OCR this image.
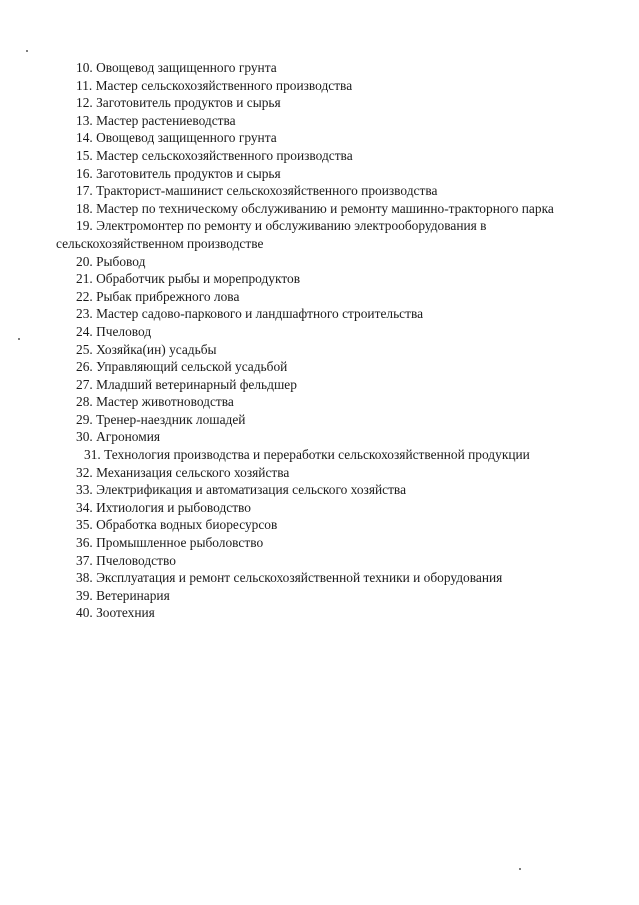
10. Овощевод защищенного грунта

11. Мастер сельскохозяйственного производства

12. Заготовитель продуктов и сырья

13. Мастер растениеводства

14. Овощевод защищенного грунта

15. Мастер сельскохозяйственного производства

16. Заготовитель продуктов и сырья

17. Тракторист-машинист сельскохозяйственного производства

18. Мастер по техническому обслуживанию и ремонту машинно-тракторного парка

19. Электромонтер по ремонту и обслуживанию электрооборудования в сельскохозяйственном производстве

20. Рыбовод

21. Обработчик рыбы и морепродуктов

22. Рыбак прибрежного лова

23. Мастер садово-паркового и ландшафтного строительства

24. Пчеловод

25. Хозяйка(ин) усадьбы

26. Управляющий сельской усадьбой

27. Младший ветеринарный фельдшер

28. Мастер животноводства

29. Тренер-наездник лошадей

30. Агрономия

31. Технология производства и переработки сельскохозяйственной продукции

32. Механизация сельского хозяйства

33. Электрификация и автоматизация сельского хозяйства

34. Ихтиология и рыбоводство

35. Обработка водных биоресурсов

36. Промышленное рыболовство

37. Пчеловодство

38. Эксплуатация и ремонт сельскохозяйственной техники и оборудования

39. Ветеринария

40. Зоотехния
